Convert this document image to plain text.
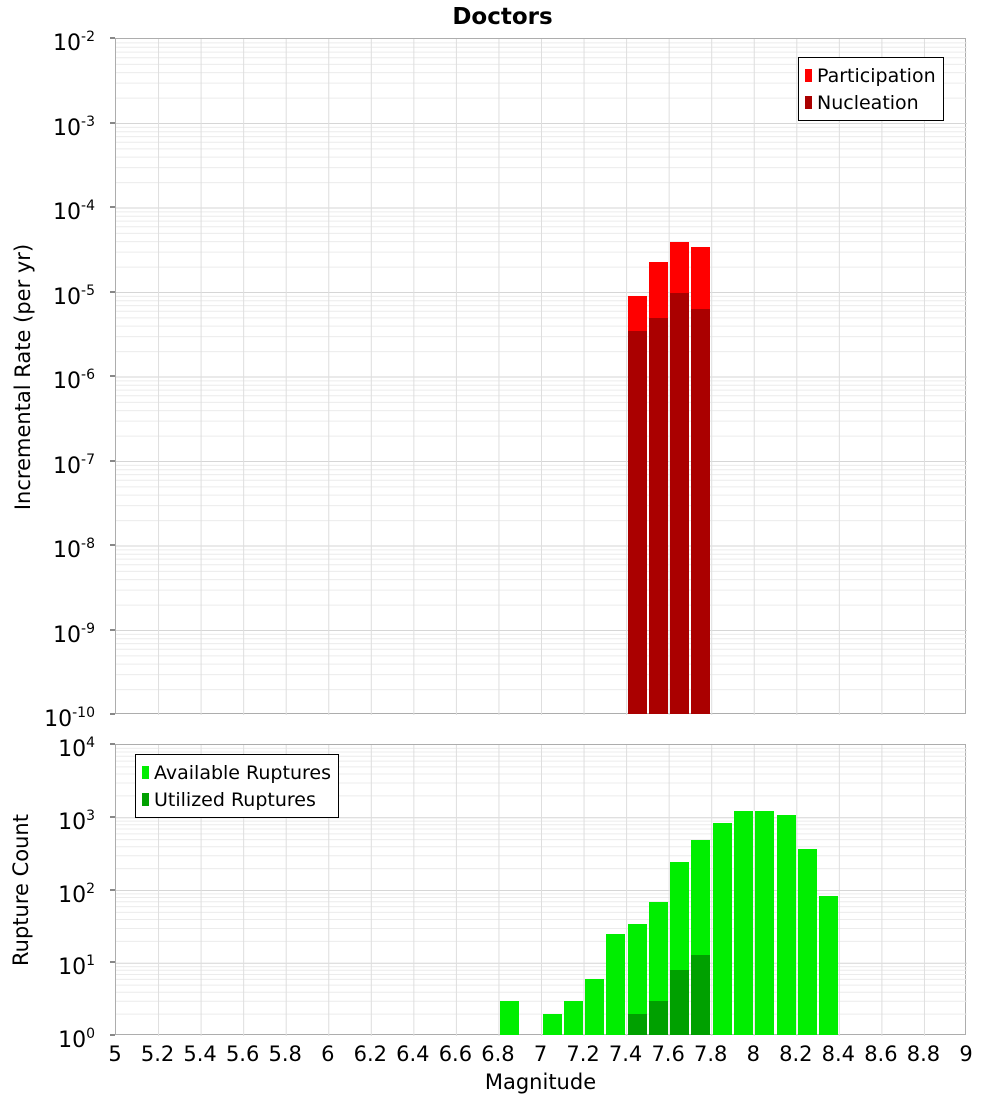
Doctors
Incremental Rate (per yr)
Rupture Count
$10^{-2}$
$10^{-3}$
$10^{-4}$
$10^{-5}$
$10^{-6}$
$10^{-7}$
$10^{-8}$
$10^{-9}$
$10^{-10}$
$10^4$
$10^3$
$10^2$
$10^1$
$10^0$
5 5.2 5.4 5.6 5.8 6 6.2 6.4 6.6 6.8 7 7.2 7.4 7.6 7.8 8 8.2 8.4 8.6 8.8 9
Magnitude
Participation
Nucleation
Available Ruptures
Utilized Ruptures
